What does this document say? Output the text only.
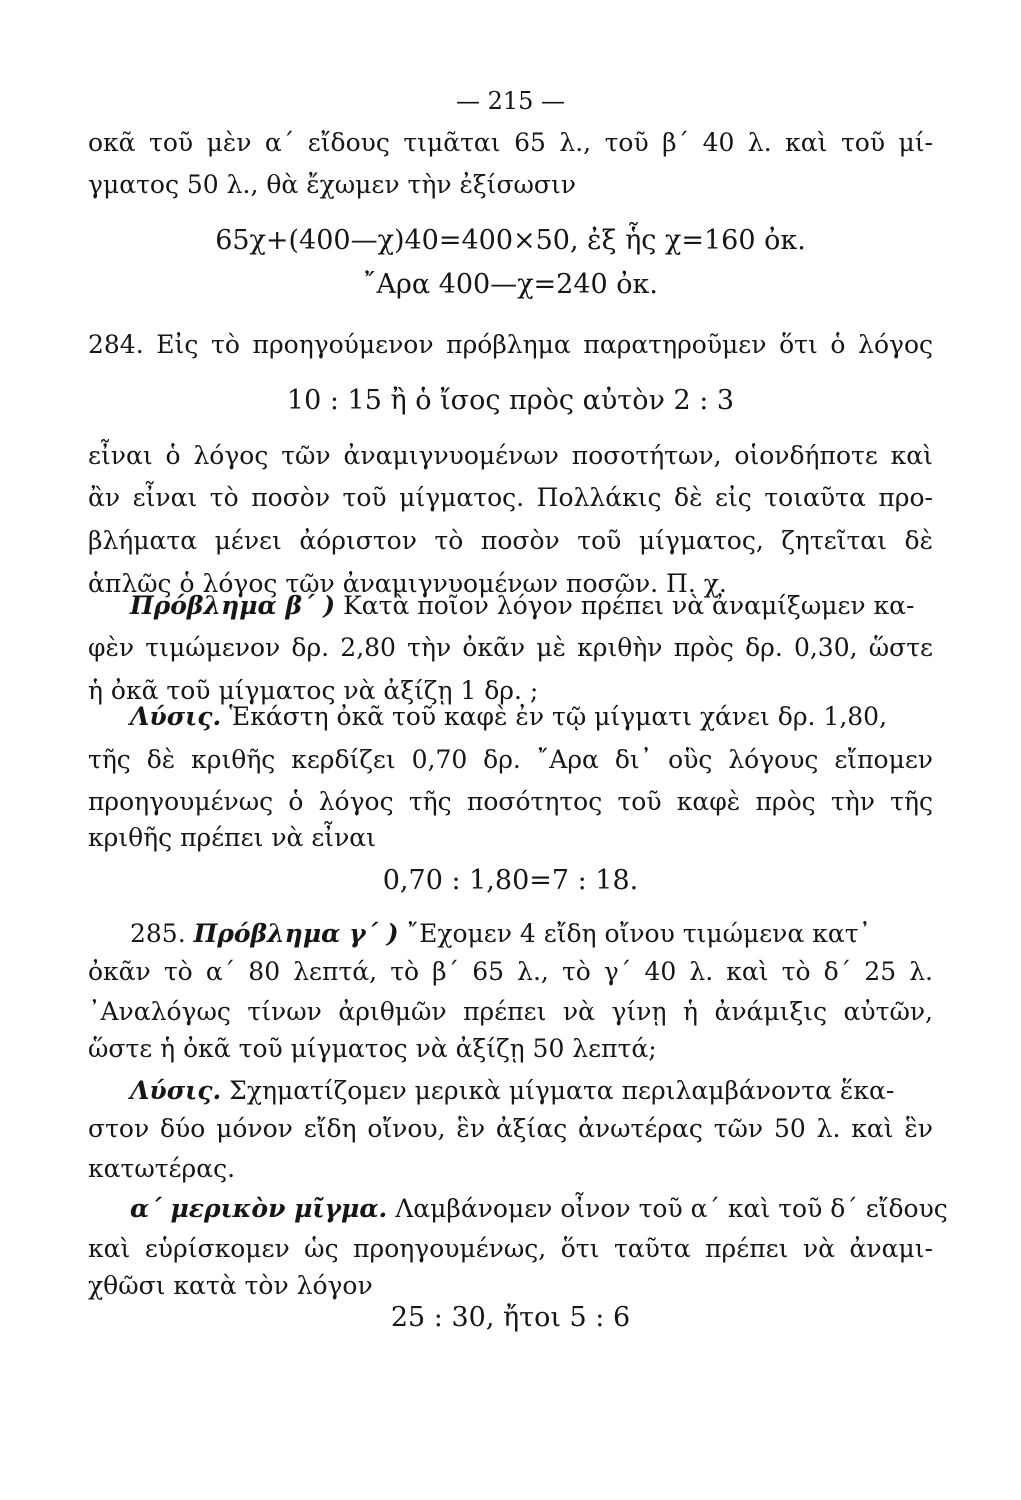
— 215 —
οκᾶ τοῦ μὲν α΄ εἴδους τιμᾶται 65 λ., τοῦ β΄ 40 λ. καὶ τοῦ μί-
γματος 50 λ., θὰ ἔχωμεν τὴν ἐξίσωσιν
65χ+(400—χ)40=400×50, ἐξ ἧς χ=160 ὀκ.
῎Αρα 400—χ=240 ὀκ.
284. Εἰς τὸ προηγούμενον πρόβλημα παρατηροῦμεν ὅτι ὁ λόγος
10 : 15 ἢ ὁ ἴσος πρὸς αὐτὸν 2 : 3
εἶναι ὁ λόγος τῶν ἀναμιγνυομένων ποσοτήτων, οἱονδήποτε καὶ
ἂν εἶναι τὸ ποσὸν τοῦ μίγματος. Πολλάκις δὲ εἰς τοιαῦτα προ-
βλήματα μένει ἀόριστον τὸ ποσὸν τοῦ μίγματος, ζητεῖται δὲ
ἁπλῶς ὁ λόγος τῶν ἀναμιγνυομένων ποσῶν. Π. χ.
Πρόβλημα β΄ ) Κατὰ ποῖον λόγον πρέπει νὰ ἀναμίξωμεν κα-
φὲν τιμώμενον δρ. 2,80 τὴν ὀκᾶν μὲ κριθὴν πρὸς δρ. 0,30, ὥστε
ἡ ὀκᾶ τοῦ μίγματος νὰ ἀξίζῃ 1 δρ. ;
Λύσις. Ἑκάστη ὀκᾶ τοῦ καφὲ ἐν τῷ μίγματι χάνει δρ. 1,80,
τῆς δὲ κριθῆς κερδίζει 0,70 δρ. ῎Αρα δι᾽ οὓς λόγους εἴπομεν
προηγουμένως ὁ λόγος τῆς ποσότητος τοῦ καφὲ πρὸς τὴν τῆς
κριθῆς πρέπει νὰ εἶναι
0,70 : 1,80=7 : 18.
285. Πρόβλημα γ΄ ) ῎Εχομεν 4 εἴδη οἴνου τιμώμενα κατ᾽
ὀκᾶν τὸ α΄ 80 λεπτά, τὸ β΄ 65 λ., τὸ γ΄ 40 λ. καὶ τὸ δ΄ 25 λ.
᾽Αναλόγως τίνων ἀριθμῶν πρέπει νὰ γίνῃ ἡ ἀνάμιξις αὐτῶν,
ὥστε ἡ ὀκᾶ τοῦ μίγματος νὰ ἀξίζῃ 50 λεπτά;
Λύσις. Σχηματίζομεν μερικὰ μίγματα περιλαμβάνοντα ἕκα-
στον δύο μόνον εἴδη οἴνου, ἓν ἀξίας ἀνωτέρας τῶν 50 λ. καὶ ἓν
κατωτέρας.
α΄ μερικὸν μῖγμα. Λαμβάνομεν οἶνον τοῦ α΄ καὶ τοῦ δ΄ εἴδους
καὶ εὑρίσκομεν ὡς προηγουμένως, ὅτι ταῦτα πρέπει νὰ ἀναμι-
χθῶσι κατὰ τὸν λόγον
25 : 30, ἤτοι 5 : 6
